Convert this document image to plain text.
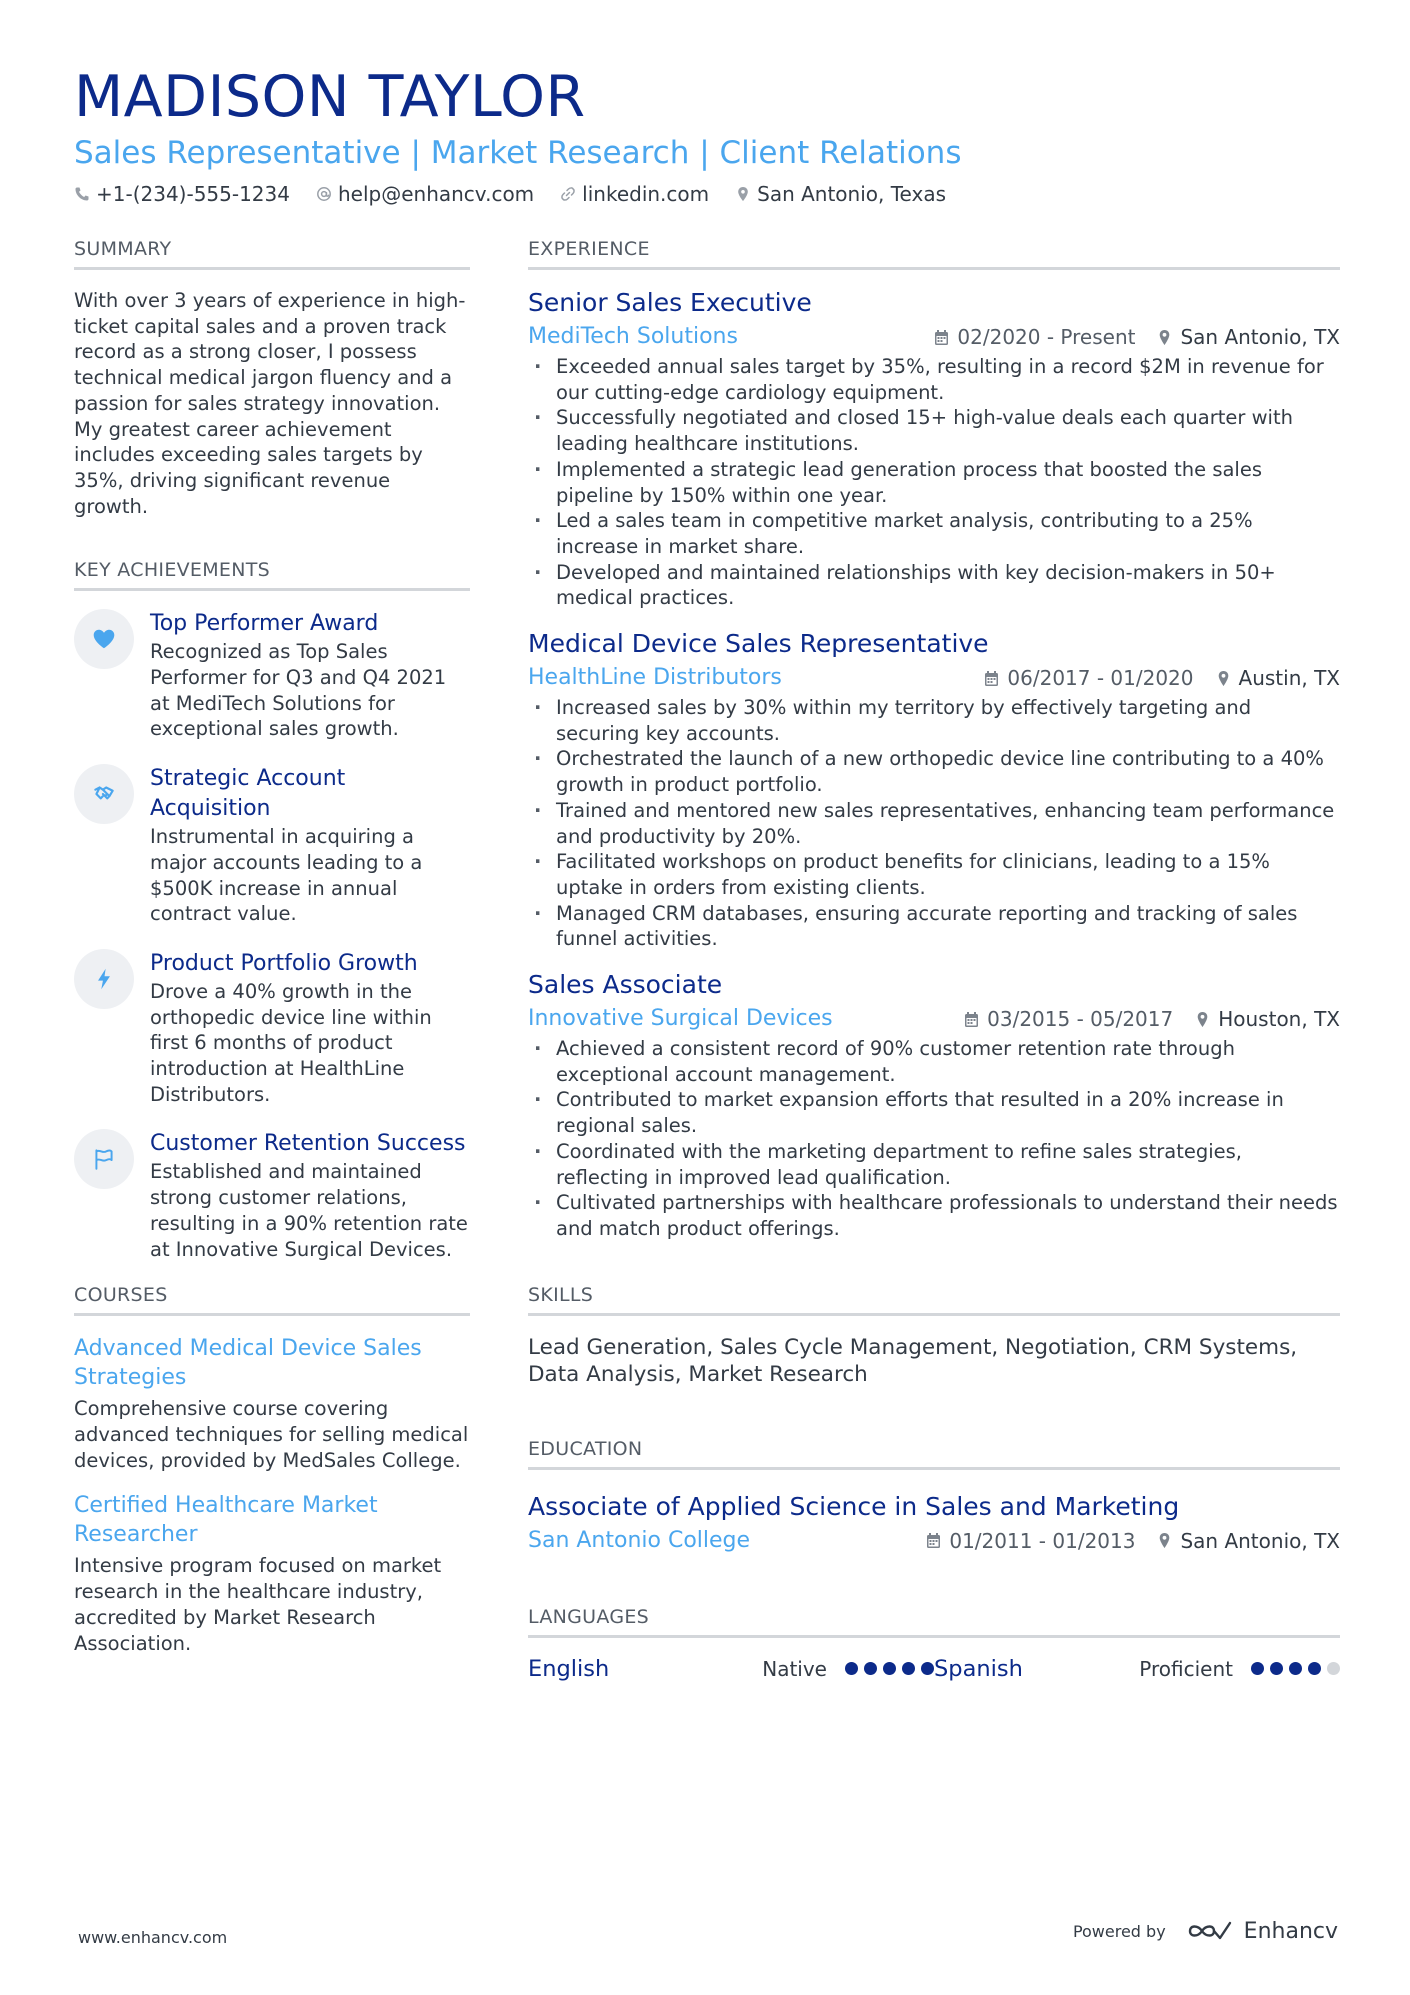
MADISON TAYLOR
Sales Representative | Market Research | Client Relations
+1-(234)-555-1234 help@enhancv.com linkedin.com San Antonio, Texas
SUMMARY
With over 3 years of experience in high-ticket capital sales and a proven track record as a strong closer, I possess technical medical jargon fluency and a passion for sales strategy innovation. My greatest career achievement includes exceeding sales targets by 35%, driving significant revenue growth.
KEY ACHIEVEMENTS
Top Performer Award
Recognized as Top Sales Performer for Q3 and Q4 2021 at MediTech Solutions for exceptional sales growth.
Strategic Account Acquisition
Instrumental in acquiring a major accounts leading to a $500K increase in annual contract value.
Product Portfolio Growth
Drove a 40% growth in the orthopedic device line within first 6 months of product introduction at HealthLine Distributors.
Customer Retention Success
Established and maintained strong customer relations, resulting in a 90% retention rate at Innovative Surgical Devices.
COURSES
Advanced Medical Device Sales Strategies
Comprehensive course covering advanced techniques for selling medical devices, provided by MedSales College.
Certified Healthcare Market Researcher
Intensive program focused on market research in the healthcare industry, accredited by Market Research Association.
EXPERIENCE
Senior Sales Executive
MediTech Solutions	02/2020 - Present San Antonio, TX
· Exceeded annual sales target by 35%, resulting in a record $2M in revenue for our cutting-edge cardiology equipment.
· Successfully negotiated and closed 15+ high-value deals each quarter with leading healthcare institutions.
· Implemented a strategic lead generation process that boosted the sales pipeline by 150% within one year.
· Led a sales team in competitive market analysis, contributing to a 25% increase in market share.
· Developed and maintained relationships with key decision-makers in 50+ medical practices.
Medical Device Sales Representative
HealthLine Distributors	06/2017 - 01/2020 Austin, TX
· Increased sales by 30% within my territory by effectively targeting and securing key accounts.
· Orchestrated the launch of a new orthopedic device line contributing to a 40% growth in product portfolio.
· Trained and mentored new sales representatives, enhancing team performance and productivity by 20%.
· Facilitated workshops on product benefits for clinicians, leading to a 15% uptake in orders from existing clients.
· Managed CRM databases, ensuring accurate reporting and tracking of sales funnel activities.
Sales Associate
Innovative Surgical Devices	03/2015 - 05/2017 Houston, TX
· Achieved a consistent record of 90% customer retention rate through exceptional account management.
· Contributed to market expansion efforts that resulted in a 20% increase in regional sales.
· Coordinated with the marketing department to refine sales strategies, reflecting in improved lead qualification.
· Cultivated partnerships with healthcare professionals to understand their needs and match product offerings.
SKILLS
Lead Generation, Sales Cycle Management, Negotiation, CRM Systems, Data Analysis, Market Research
EDUCATION
Associate of Applied Science in Sales and Marketing
San Antonio College	01/2011 - 01/2013 San Antonio, TX
LANGUAGES
English	Native	Spanish	Proficient
www.enhancv.com	Powered by	Enhancv
